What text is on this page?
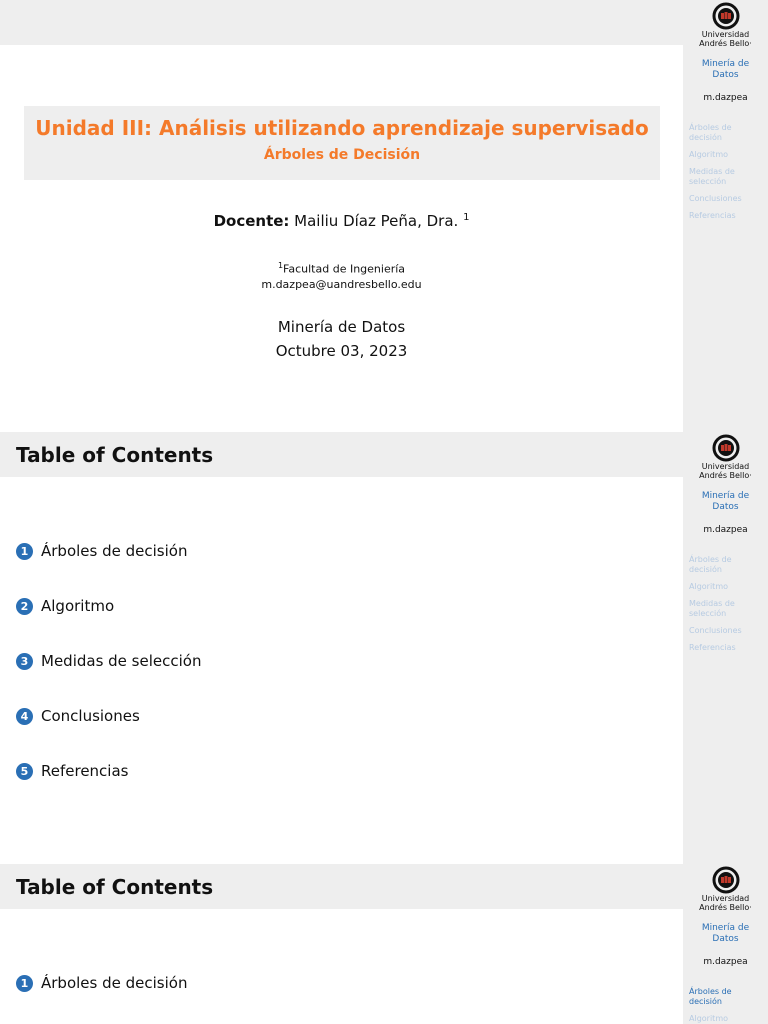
Unidad III: Análisis utilizando aprendizaje supervisado
Árboles de Decisión
Docente: Mailiu Díaz Peña, Dra. $^1$
$^1$Facultad de Ingeniería
m.dazpea@uandresbello.edu
Minería de Datos
Octubre 03, 2023
Universidad
Andrés Bello·
Minería de
Datos
m.dazpea
Árboles de decisión
Algoritmo
Medidas de selección
Conclusiones
Referencias
Table of Contents
1 Árboles de decisión
2 Algoritmo
3 Medidas de selección
4 Conclusiones
5 Referencias
Universidad
Andrés Bello·
Minería de
Datos
m.dazpea
Árboles de decisión
Algoritmo
Medidas de selección
Conclusiones
Referencias
Table of Contents
1 Árboles de decisión
Universidad
Andrés Bello·
Minería de
Datos
m.dazpea
Árboles de decisión
Algoritmo
